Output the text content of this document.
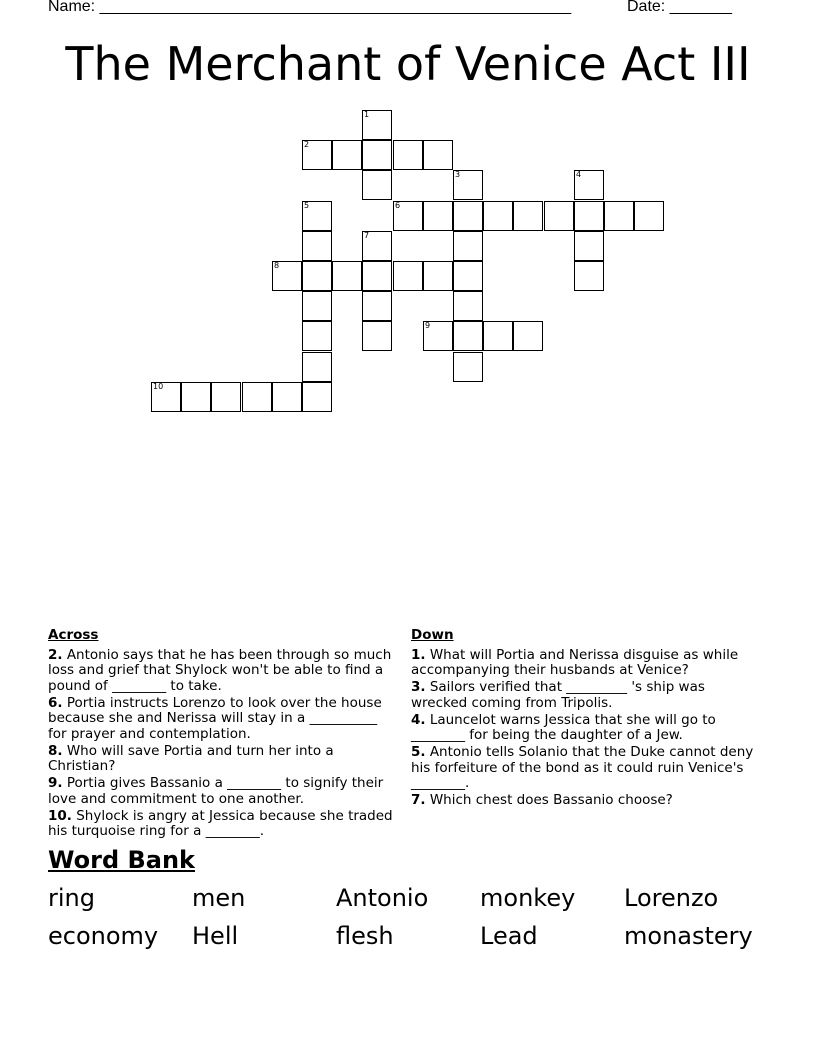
Name: _____________________________________________________	Date: _______
The Merchant of Venice Act III
2
6
8
9
10
1
3	4
5
7
Across
2. Antonio says that he has been through so much loss and grief that Shylock won't be able to find a pound of ________ to take.
6. Portia instructs Lorenzo to look over the house because she and Nerissa will stay in a __________ for prayer and contemplation.
8. Who will save Portia and turn her into a Christian?
9. Portia gives Bassanio a ________ to signify their love and commitment to one another.
10. Shylock is angry at Jessica because she traded his turquoise ring for a ________.
Down
1. What will Portia and Nerissa disguise as while accompanying their husbands at Venice?
3. Sailors verified that _________ 's ship was wrecked coming from Tripolis.
4. Launcelot warns Jessica that she will go to ________ for being the daughter of a Jew.
5. Antonio tells Solanio that the Duke cannot deny his forfeiture of the bond as it could ruin Venice's ________.
7. Which chest does Bassanio choose?
Word Bank
ring	men	Antonio monkey Lorenzo
economy Hell	flesh	Lead	monastery
